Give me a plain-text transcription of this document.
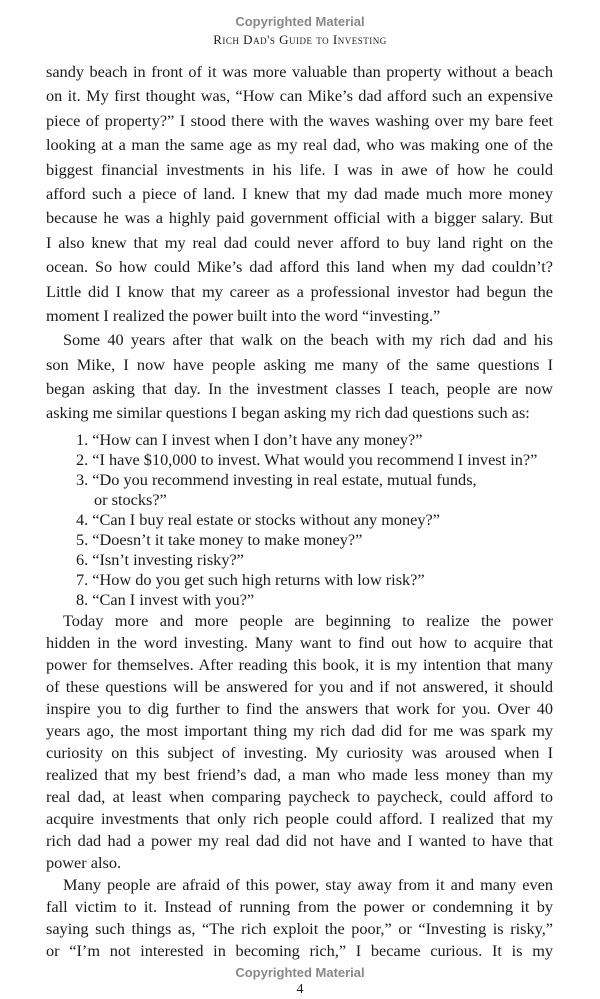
Copyrighted Material
Rich Dad's Guide to Investing
sandy beach in front of it was more valuable than property without a beach
on it. My first thought was, “How can Mike’s dad afford such an expensive
piece of property?” I stood there with the waves washing over my bare feet
looking at a man the same age as my real dad, who was making one of the
biggest financial investments in his life. I was in awe of how he could
afford such a piece of land. I knew that my dad made much more money
because he was a highly paid government official with a bigger salary. But
I also knew that my real dad could never afford to buy land right on the
ocean. So how could Mike’s dad afford this land when my dad couldn’t?
Little did I know that my career as a professional investor had begun the
moment I realized the power built into the word “investing.”
Some 40 years after that walk on the beach with my rich dad and his
son Mike, I now have people asking me many of the same questions I
began asking that day. In the investment classes I teach, people are now
asking me similar questions I began asking my rich dad questions such as:
1. “How can I invest when I don’t have any money?”
2. “I have $10,000 to invest. What would you recommend I invest in?”
3. “Do you recommend investing in real estate, mutual funds,
or stocks?”
4. “Can I buy real estate or stocks without any money?”
5. “Doesn’t it take money to make money?”
6. “Isn’t investing risky?”
7. “How do you get such high returns with low risk?”
8. “Can I invest with you?”
Today more and more people are beginning to realize the power
hidden in the word investing. Many want to find out how to acquire that
power for themselves. After reading this book, it is my intention that many
of these questions will be answered for you and if not answered, it should
inspire you to dig further to find the answers that work for you. Over 40
years ago, the most important thing my rich dad did for me was spark my
curiosity on this subject of investing. My curiosity was aroused when I
realized that my best friend’s dad, a man who made less money than my
real dad, at least when comparing paycheck to paycheck, could afford to
acquire investments that only rich people could afford. I realized that my
rich dad had a power my real dad did not have and I wanted to have that
power also.
Many people are afraid of this power, stay away from it and many even
fall victim to it. Instead of running from the power or condemning it by
saying such things as, “The rich exploit the poor,” or “Investing is risky,”
or “I’m not interested in becoming rich,” I became curious. It is my
Copyrighted Material
4
